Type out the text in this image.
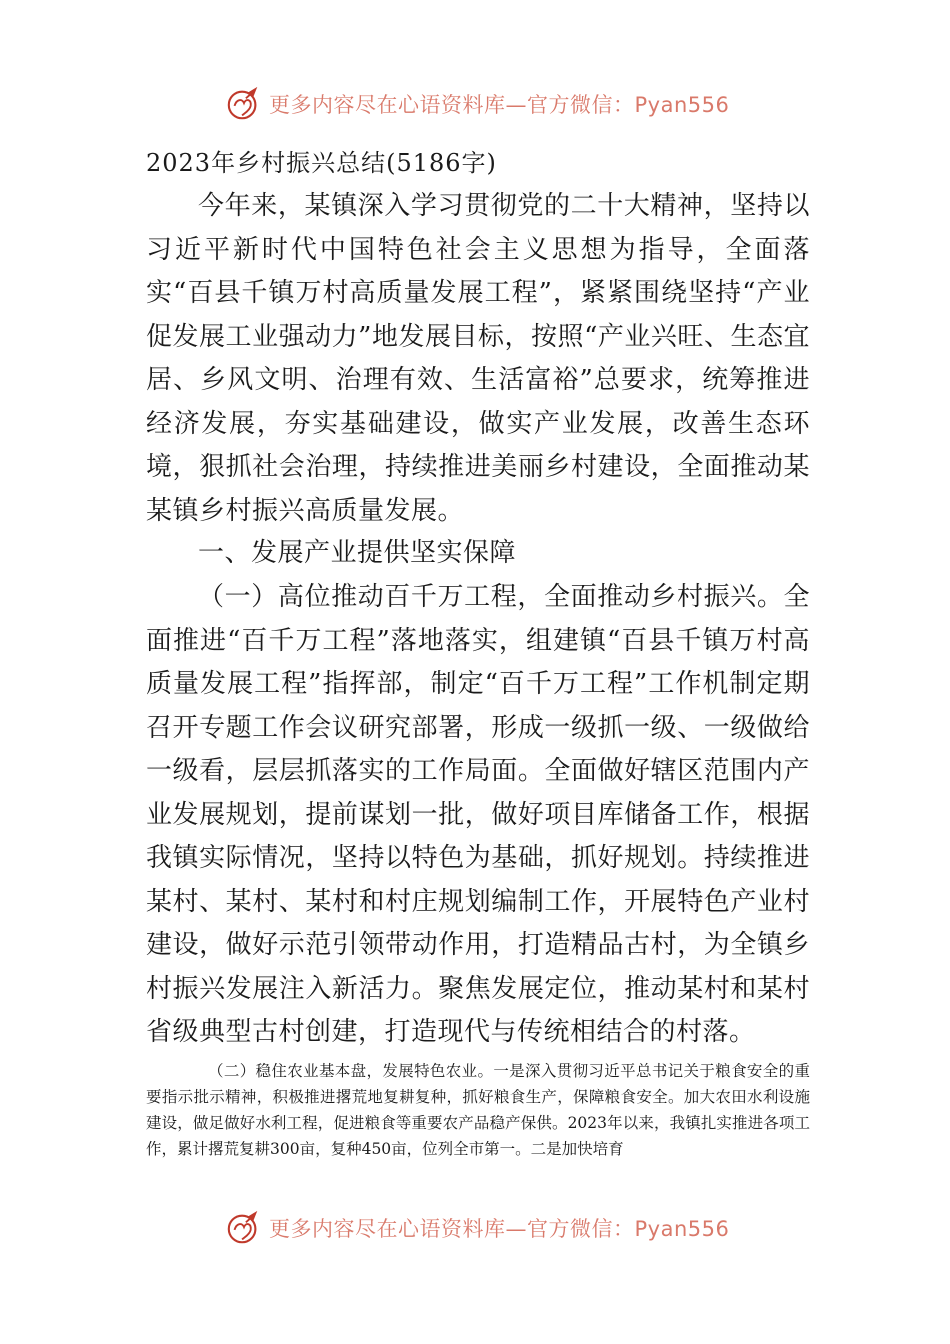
更多内容尽在心语资料库—官方微信：Pyan556
2023年乡村振兴总结(5186字)

今年来，某镇深入学习贯彻党的二十大精神，坚持以习近平新时代中国特色社会主义思想为指导，全面落实“百县千镇万村高质量发展工程”，紧紧围绕坚持“产业促发展工业强动力”地发展目标，按照“产业兴旺、生态宜居、乡风文明、治理有效、生活富裕”总要求，统筹推进经济发展，夯实基础建设，做实产业发展，改善生态环境，狠抓社会治理，持续推进美丽乡村建设，全面推动某某镇乡村振兴高质量发展。

一、发展产业提供坚实保障

（一）高位推动百千万工程，全面推动乡村振兴。全面推进“百千万工程”落地落实，组建镇“百县千镇万村高质量发展工程”指挥部，制定“百千万工程”工作机制定期召开专题工作会议研究部署，形成一级抓一级、一级做给一级看，层层抓落实的工作局面。全面做好辖区范围内产业发展规划，提前谋划一批，做好项目库储备工作，根据我镇实际情况，坚持以特色为基础，抓好规划。持续推进某村、某村、某村和村庄规划编制工作，开展特色产业村建设，做好示范引领带动作用，打造精品古村，为全镇乡村振兴发展注入新活力。聚焦发展定位，推动某村和某村省级典型古村创建，打造现代与传统相结合的村落。

（二）稳住农业基本盘，发展特色农业。一是深入贯彻习近平总书记关于粮食安全的重要指示批示精神，积极推进撂荒地复耕复种，抓好粮食生产，保障粮食安全。加大农田水利设施建设，做足做好水利工程，促进粮食等重要农产品稳产保供。2023年以来，我镇扎实推进各项工作，累计撂荒复耕300亩，复种450亩，位列全市第一。二是加快培育

更多内容尽在心语资料库—官方微信：Pyan556
